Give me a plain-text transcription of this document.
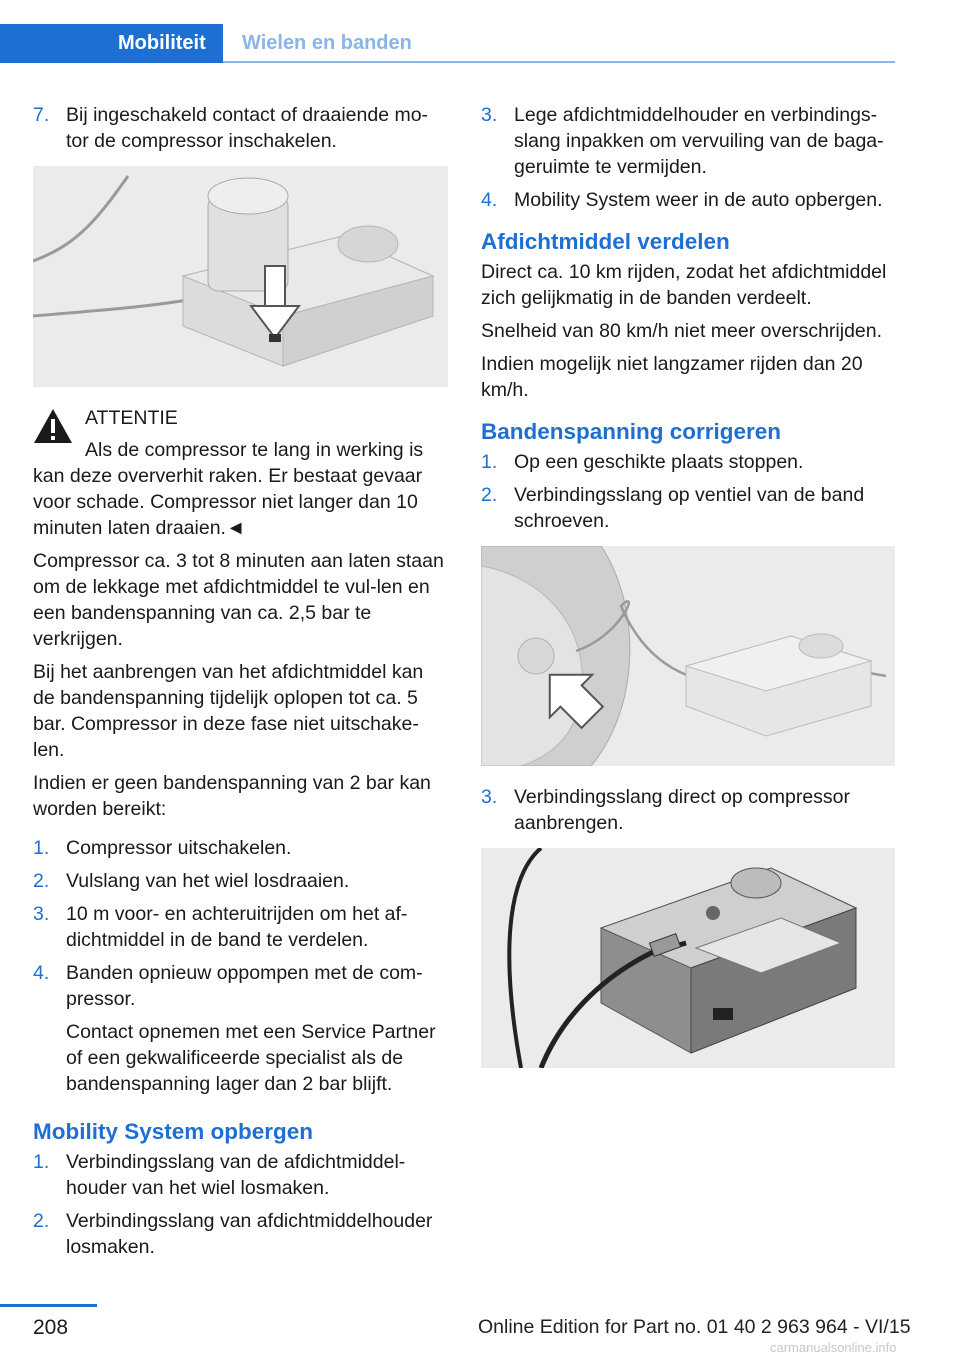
Mobiliteit	Wielen en banden
7. Bij ingeschakeld contact of draaiende mo‐tor de compressor inschakelen.
ATTENTIE
Als de compressor te lang in werking is kan deze oververhit raken. Er bestaat gevaar voor schade. Compressor niet langer dan 10 minuten laten draaien.◄

Compressor ca. 3 tot 8 minuten aan laten staan om de lekkage met afdichtmiddel te vul‐len en een bandenspanning van ca. 2,5 bar te verkrijgen.

Bij het aanbrengen van het afdichtmiddel kan de bandenspanning tijdelijk oplopen tot ca. 5 bar. Compressor in deze fase niet uitschake‐len.

Indien er geen bandenspanning van 2 bar kan worden bereikt:

1. Compressor uitschakelen.
2. Vulslang van het wiel losdraaien.
3. 10 m voor- en achteruitrijden om het af‐dichtmiddel in de band te verdelen.
4. Banden opnieuw oppompen met de com‐pressor.
Contact opnemen met een Service Partner of een gekwalificeerde specialist als de bandenspanning lager dan 2 bar blijft.
Mobility System opbergen
1. Verbindingsslang van de afdichtmiddel‐houder van het wiel losmaken.
2. Verbindingsslang van afdichtmiddelhouder losmaken.
3. Lege afdichtmiddelhouder en verbindings‐slang inpakken om vervuiling van de baga‐geruimte te vermijden.
4. Mobility System weer in de auto opbergen.
Afdichtmiddel verdelen

Direct ca. 10 km rijden, zodat het afdichtmiddel zich gelijkmatig in de banden verdeelt.

Snelheid van 80 km/h niet meer overschrijden.

Indien mogelijk niet langzamer rijden dan 20 km/h.

Bandenspanning corrigeren
1. Op een geschikte plaats stoppen.
2. Verbindingsslang op ventiel van de band schroeven.
3. Verbindingsslang direct op compressor aanbrengen.
208	Online Edition for Part no. 01 40 2 963 964 - VI/15
carmanualsonline.info
